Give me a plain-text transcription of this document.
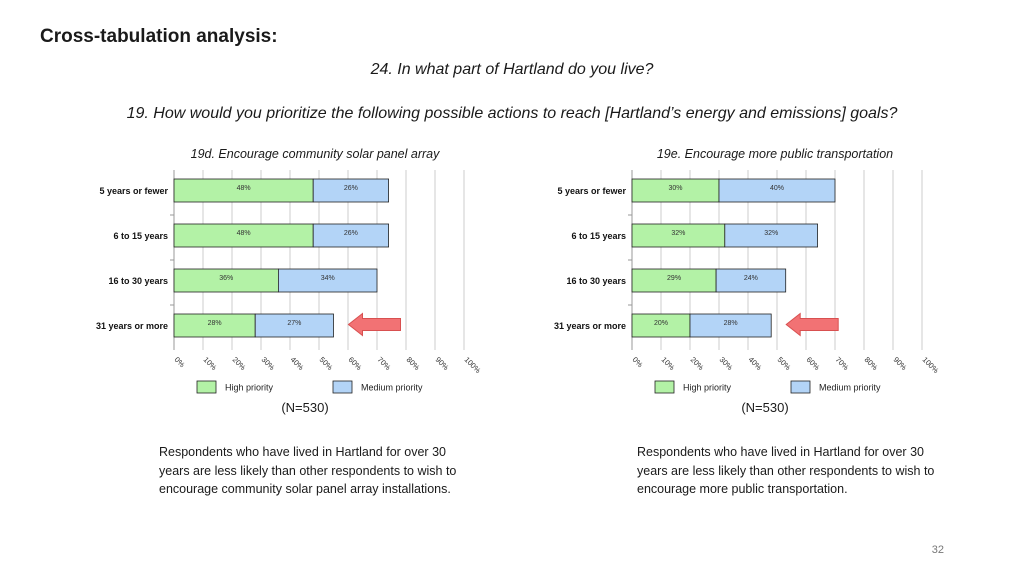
Cross-tabulation analysis:
24. In what part of Hartland do you live?
19. How would you prioritize the following possible actions to reach [Hartland’s energy and emissions] goals?
19d. Encourage community solar panel array
0% 10% 20% 30% 40% 50% 60% 70% 80% 90% 100%
5 years or fewer	48%	26%
6 to 15 years	48%	26%
16 to 30 years	36%	34%
31 years or more	28%	27%
High priority	Medium priority
(N=530)
Respondents who have lived in Hartland for over 30 years are less likely than other respondents to wish to encourage community solar panel array installations.
19e. Encourage more public transportation
0% 10% 20% 30% 40% 50% 60% 70% 80% 90% 100%
5 years or fewer	30%	40%
6 to 15 years	32%	32%
16 to 30 years	29%	24%
31 years or more	20%	28%
High priority	Medium priority
(N=530)
Respondents who have lived in Hartland for over 30 years are less likely than other respondents to wish to encourage more public transportation.
32
